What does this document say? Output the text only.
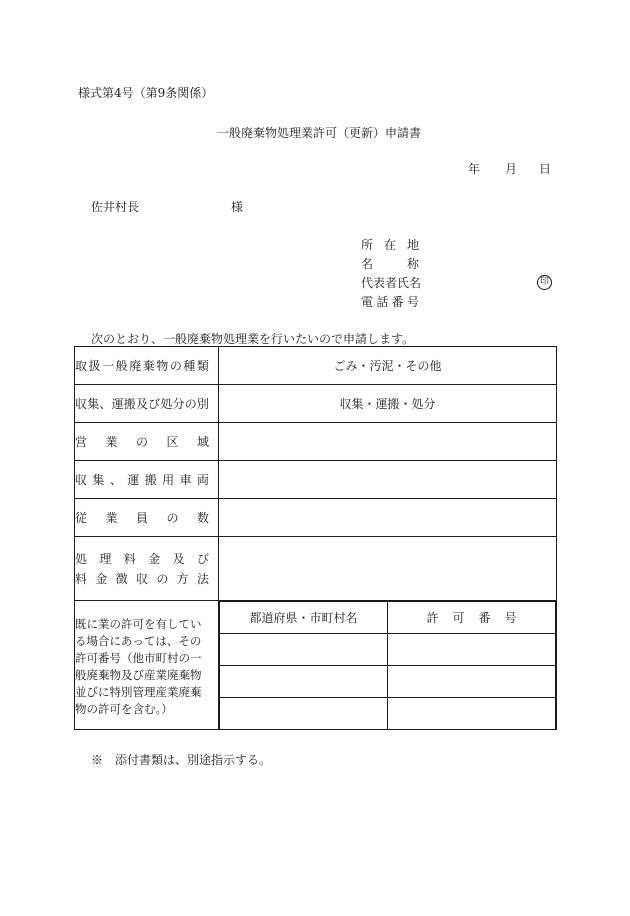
様式第4号（第9条関係）
一般廃棄物処理業許可（更新）申請書
年 月 日
佐井村長	様
所 在 地
名	称
代表者氏名	印
電 話 番 号
次のとおり、一般廃棄物処理業を行いたいので申請します。
取 扱 一 般 廃 棄 物 の 種 類	ごみ・汚泥・その他

収 集 、 運 搬 及 び 処 分 の 別	収集・運搬・処分

営 業 の 区 域

収 集 、 運 搬 用 車 両

従 業 員 の 数

処 理 料 金 及 び
料 金 徴 収 の 方 法

既に業の許可を有してい
る場合にあっては、その
許可番号（他市町村の一
般廃棄物及び産業廃棄物
並びに特別管理産業廃棄
物の許可を含む。）

都道府県・市町村名	許可番号

※　添付書類は、別途指示する。
